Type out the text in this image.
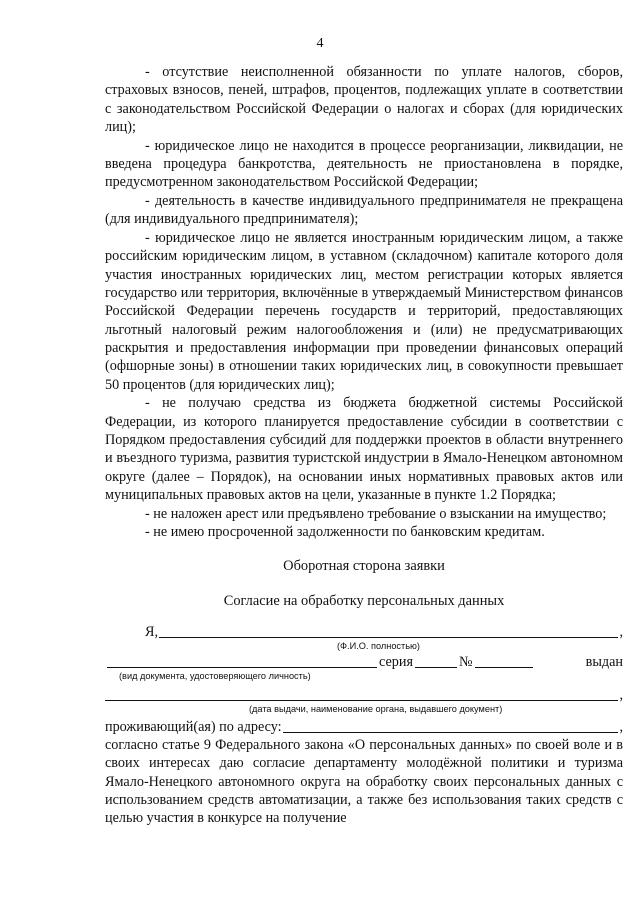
4

- отсутствие неисполненной обязанности по уплате налогов, сборов, страховых взносов, пеней, штрафов, процентов, подлежащих уплате в соответствии с законодательством Российской Федерации о налогах и сборах (для юридических лиц);

- юридическое лицо не находится в процессе реорганизации, ликвидации, не введена процедура банкротства, деятельность не приостановлена в порядке, предусмотренном законодательством Российской Федерации;

- деятельность в качестве индивидуального предпринимателя не прекращена (для индивидуального предпринимателя);

- юридическое лицо не является иностранным юридическим лицом, а также российским юридическим лицом, в уставном (складочном) капитале которого доля участия иностранных юридических лиц, местом регистрации которых является государство или территория, включённые в утверждаемый Министерством финансов Российской Федерации перечень государств и территорий, предоставляющих льготный налоговый режим налогообложения и (или) не предусматривающих раскрытия и предоставления информации при проведении финансовых операций (офшорные зоны) в отношении таких юридических лиц, в совокупности превышает 50 процентов (для юридических лиц);

- не получаю средства из бюджета бюджетной системы Российской Федерации, из которого планируется предоставление субсидии в соответствии с Порядком предоставления субсидий для поддержки проектов в области внутреннего и въездного туризма, развития туристской индустрии в Ямало-Ненецком автономном округе (далее – Порядок), на основании иных нормативных правовых актов или муниципальных правовых актов на цели, указанные в пункте 1.2 Порядка;

- не наложен арест или предъявлено требование о взыскании на имущество;

- не имею просроченной задолженности по банковским кредитам.

Оборотная сторона заявки
Согласие на обработку персональных данных
Я,	,
(Ф.И.О. полностью)
серия	№	выдан
(вид документа, удостоверяющего личность)
,
(дата выдачи, наименование органа, выдавшего документ)
проживающий(ая) по адресу:	,

согласно статье 9 Федерального закона «О персональных данных» по своей воле и в своих интересах даю согласие департаменту молодёжной политики и туризма Ямало-Ненецкого автономного округа на обработку своих персональных данных с использованием средств автоматизации, а также без использования таких средств с целью участия в конкурсе на получение
